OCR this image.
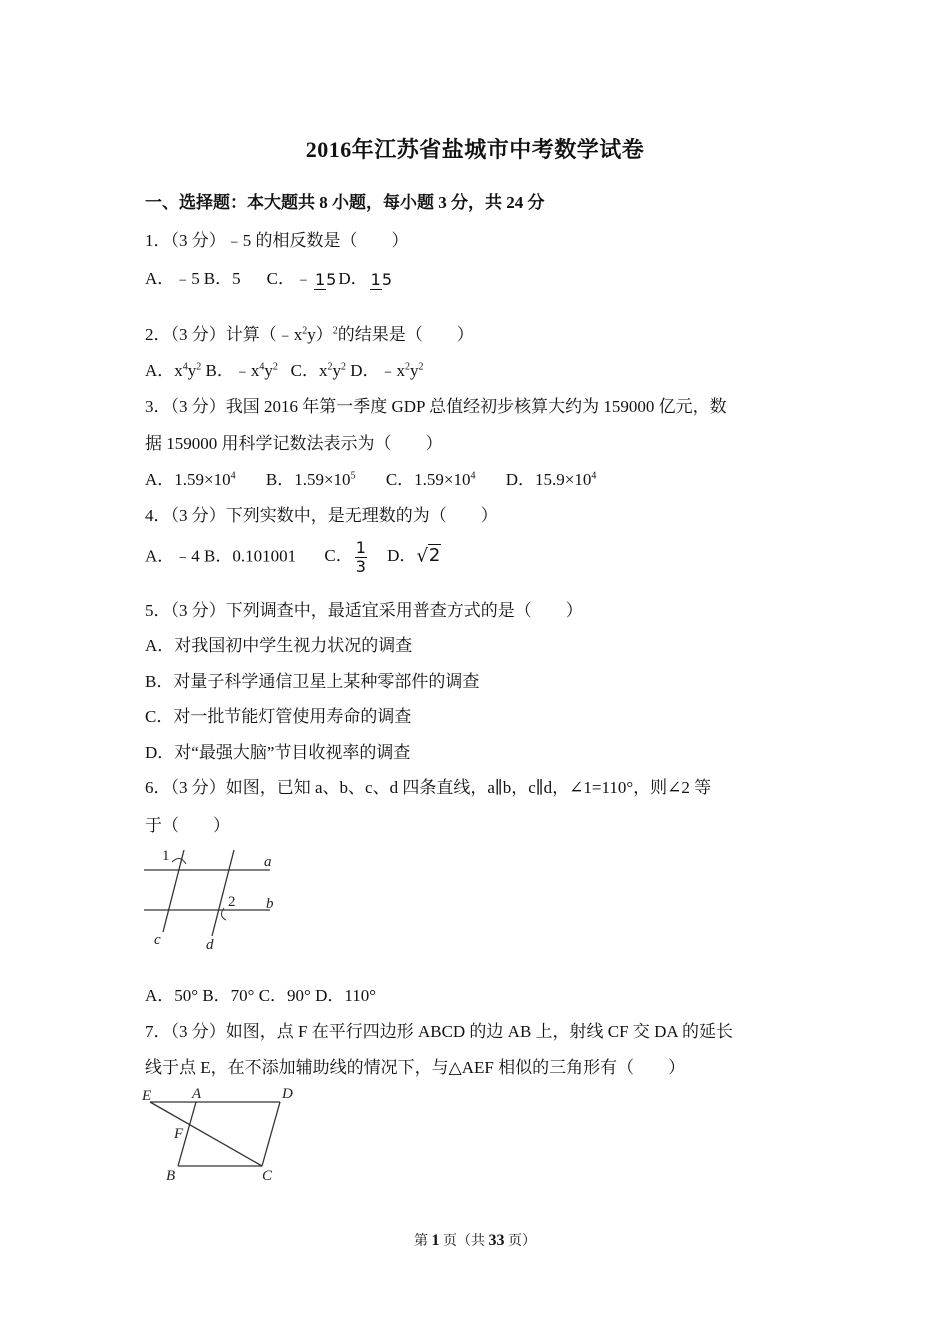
2016年江苏省盐城市中考数学试卷
一、选择题：本大题共 8 小题，每小题 3 分，共 24 分
1．（3 分）﹣5 的相反数是（　　）
A．﹣5 B．5 C．﹣ 15 D． 15
2．（3 分）计算$(﹣x^2y)^2$的结果是（　　）
A．$x^4y^2$ B．$﹣x^4y^2$ C．$x^2y^2$ D．$﹣x^2y^2$
3．（3 分）我国 2016 年第一季度 GDP 总值经初步核算大约为 159000 亿元，数
据 159000 用科学记数法表示为（　　）
A．$1.59\times 10^4$ B．$1.59\times 10^5$ C．$1.59\times 10^4$ D．$15.9\times 10^4$
4．（3 分）下列实数中，是无理数的为（　　）
A．﹣4 B．0.101001 C． $\frac{1}{3}$ D．√2
5．（3 分）下列调查中，最适宜采用普查方式的是（　　）
A．对我国初中学生视力状况的调查
B．对量子科学通信卫星上某种零部件的调查
C．对一批节能灯管使用寿命的调查
D．对“最强大脑”节目收视率的调查
6．（3 分）如图，已知 a、b、c、d 四条直线，a∥b，c∥d，∠1=110°，则∠2 等
于（　　）
1
2
a
b
c	d
A．50° B．70° C．90° D．110°
7．（3 分）如图，点 F 在平行四边形 ABCD 的边 AB 上，射线 CF 交 DA 的延长
线于点 E，在不添加辅助线的情况下，与△AEF 相似的三角形有（　　）
E	A	D
F
B	C
第 1 页（共 33 页）
